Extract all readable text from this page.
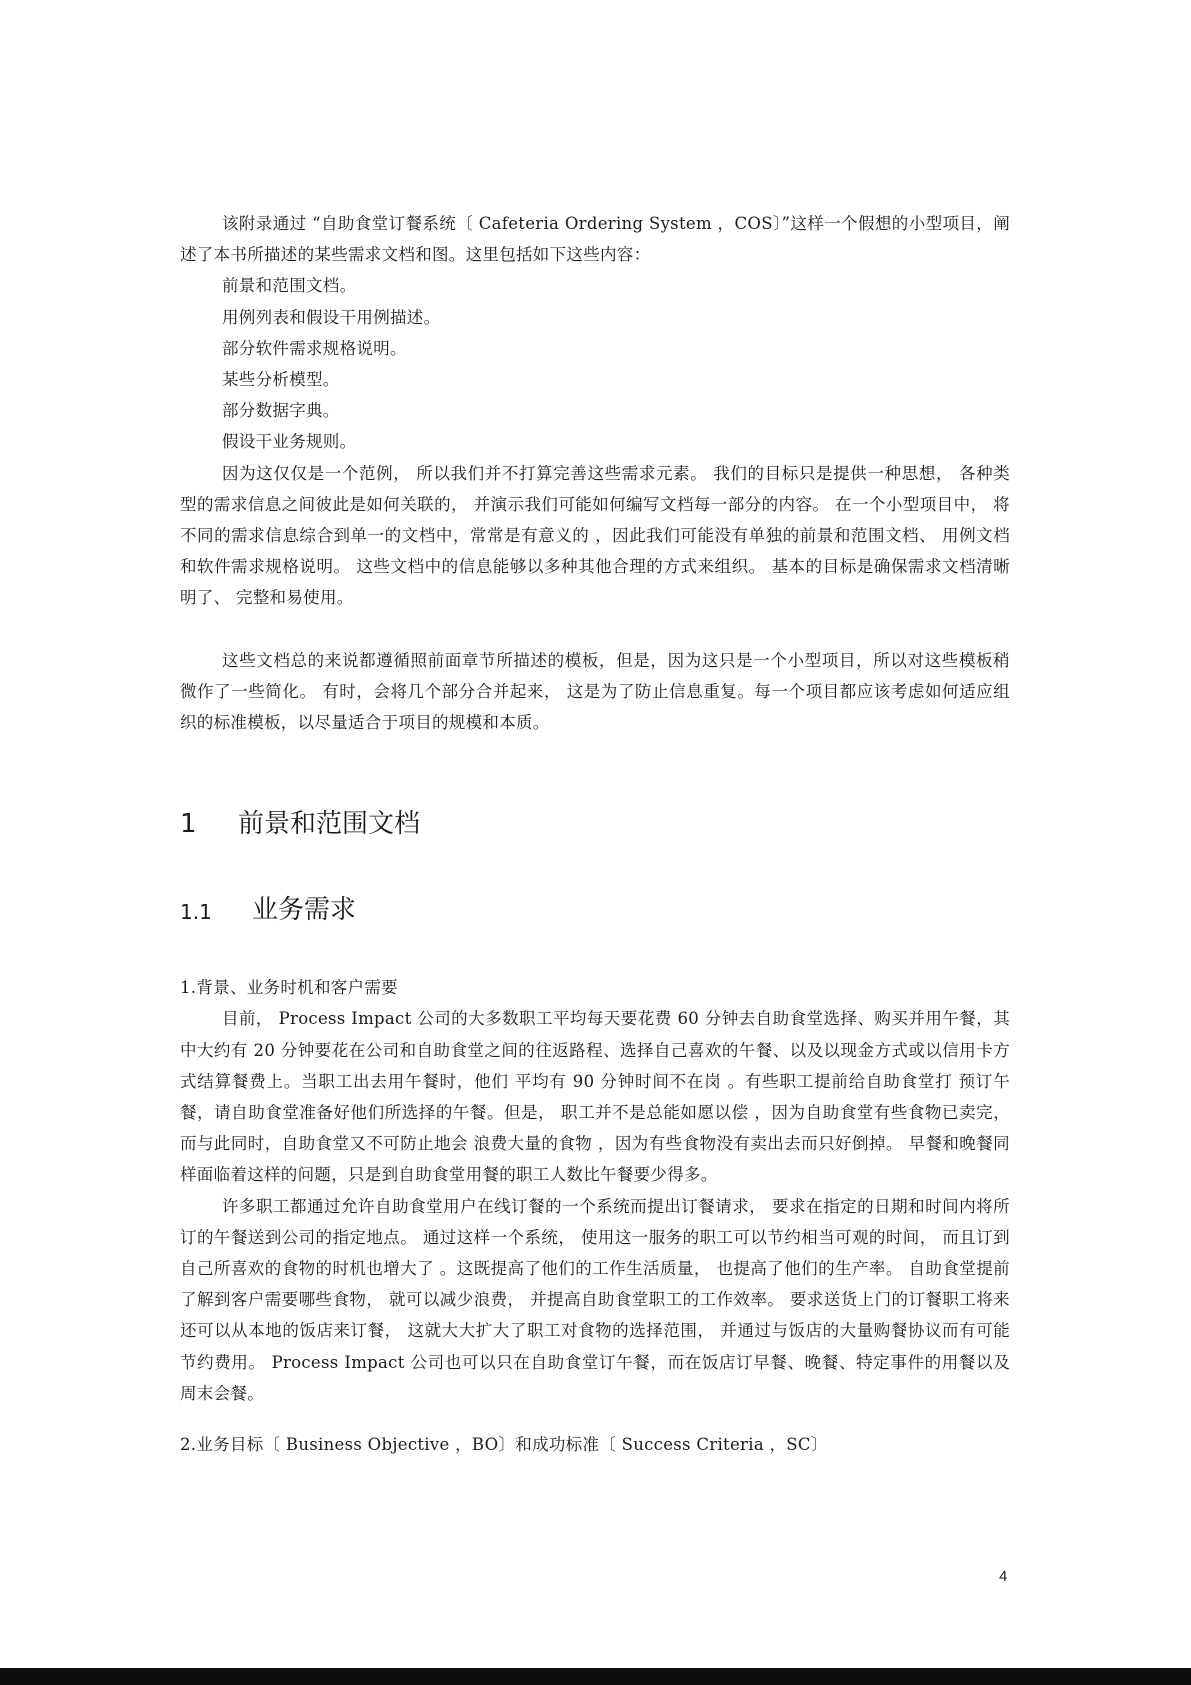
该附录通过 “自助食堂订餐系统〔 Cafeteria Ordering System ，COS〕”这样一个假想的小型项目，阐述了本书所描述的某些需求文档和图。这里包括如下这些内容：

前景和范围文档。

用例列表和假设干用例描述。

部分软件需求规格说明。

某些分析模型。

部分数据字典。

假设干业务规则。

因为这仅仅是一个范例， 所以我们并不打算完善这些需求元素。 我们的目标只是提供一种思想， 各种类型的需求信息之间彼此是如何关联的， 并演示我们可能如何编写文档每一部分的内容。 在一个小型项目中， 将不同的需求信息综合到单一的文档中，常常是有意义的 ，因此我们可能没有单独的前景和范围文档、 用例文档和软件需求规格说明。 这些文档中的信息能够以多种其他合理的方式来组织。 基本的目标是确保需求文档清晰明了、 完整和易使用。

这些文档总的来说都遵循照前面章节所描述的模板，但是，因为这只是一个小型项目，所以对这些模板稍微作了一些简化。 有时，会将几个部分合并起来， 这是为了防止信息重复。每一个项目都应该考虑如何适应组织的标准模板，以尽量适合于项目的规模和本质。

1	前景和范围文档
1.1	业务需求

1.背景、业务时机和客户需要

目前， Process Impact 公司的大多数职工平均每天要花费 60 分钟去自助食堂选择、购买并用午餐，其中大约有 20 分钟要花在公司和自助食堂之间的往返路程、选择自己喜欢的午餐、以及以现金方式或以信用卡方式结算餐费上。当职工出去用午餐时，他们 平均有 90 分钟时间不在岗 。有些职工提前给自助食堂打 预订午餐，请自助食堂准备好他们所选择的午餐。但是， 职工并不是总能如愿以偿 ，因为自助食堂有些食物已卖完，而与此同时，自助食堂又不可防止地会 浪费大量的食物 ，因为有些食物没有卖出去而只好倒掉。 早餐和晚餐同样面临着这样的问题，只是到自助食堂用餐的职工人数比午餐要少得多。

许多职工都通过允许自助食堂用户在线订餐的一个系统而提出订餐请求， 要求在指定的日期和时间内将所订的午餐送到公司的指定地点。 通过这样一个系统， 使用这一服务的职工可以节约相当可观的时间， 而且订到自己所喜欢的食物的时机也增大了 。这既提高了他们的工作生活质量， 也提高了他们的生产率。 自助食堂提前了解到客户需要哪些食物， 就可以减少浪费， 并提高自助食堂职工的工作效率。 要求送货上门的订餐职工将来还可以从本地的饭店来订餐， 这就大大扩大了职工对食物的选择范围， 并通过与饭店的大量购餐协议而有可能节约费用。 Process Impact 公司也可以只在自助食堂订午餐，而在饭店订早餐、晚餐、特定事件的用餐以及周末会餐。

2.业务目标〔 Business Objective ，BO〕和成功标准〔 Success Criteria ，SC〕

4
